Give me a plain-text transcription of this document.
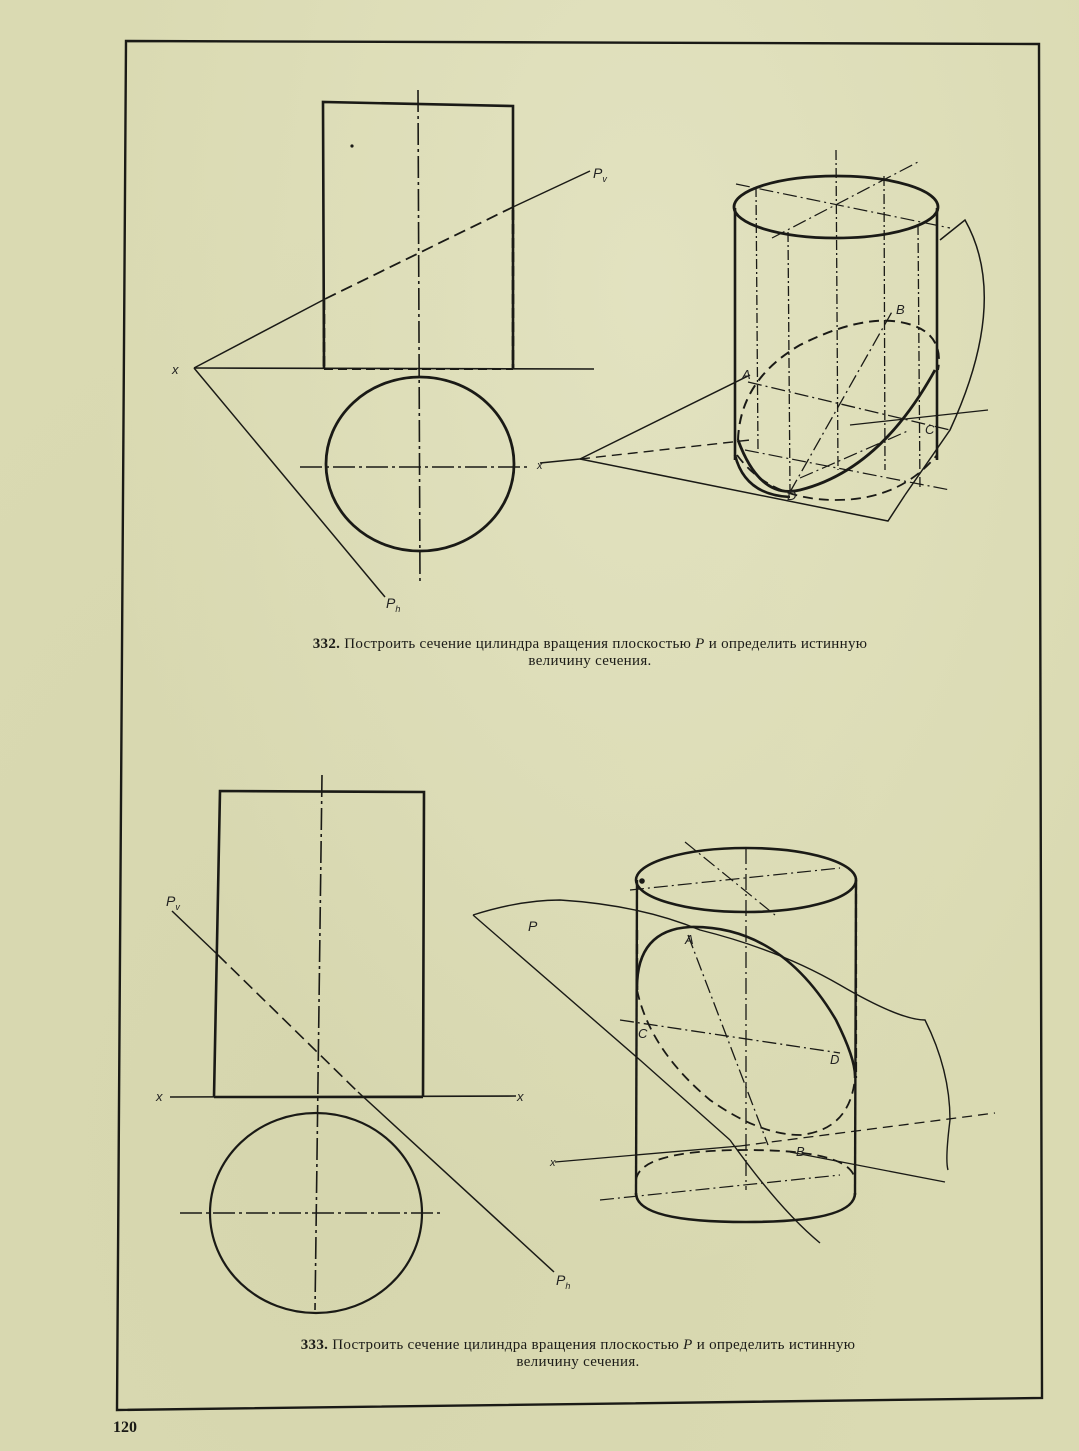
x
$P_v$
$P_h$
x
A
B
C
D
x	x
$P_v$
$P_h$
x
P
A
B
C
D
332. Построить сечение цилиндра вращения плоскостью P и определить истинную
величину сечения.
333. Построить сечение цилиндра вращения плоскостью P и определить истинную
величину сечения.
120
